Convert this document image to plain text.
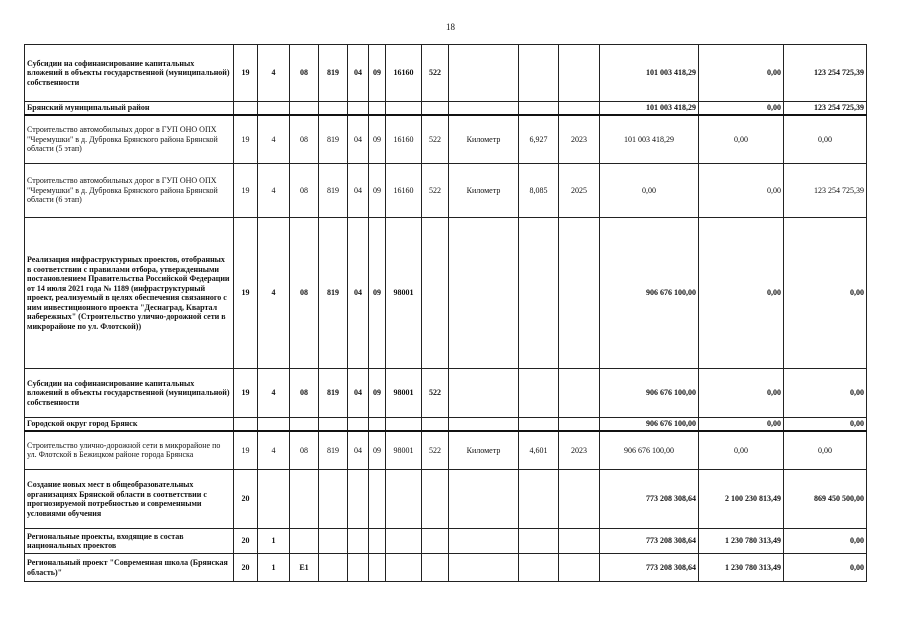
18
Субсидии на софинансирование капитальных вложений в объекты государственной (муниципальной) собственности	19	4	08	819	04	09	16160	522				101 003 418,29	0,00	123 254 725,39
Брянский муниципальный район												101 003 418,29	0,00	123 254 725,39
Строительство автомобильных дорог в ГУП ОНО ОПХ "Черемушки" в д. Дубровка Брянского района Брянской области (5 этап)	19	4	08	819	04	09	16160	522	Километр	6,927	2023	101 003 418,29	0,00	0,00
Строительство автомобильных дорог в ГУП ОНО ОПХ "Черемушки" в д. Дубровка Брянского района Брянской области (6 этап)	19	4	08	819	04	09	16160	522	Километр	8,085	2025	0,00	0,00	123 254 725,39
Реализация инфраструктурных проектов, отобранных в соответствии с правилами отбора, утвержденными постановлением Правительства Российской Федерации от 14 июля 2021 года № 1189 (инфраструктурный проект, реализуемый в целях обеспечения связанного с ним инвестиционного проекта "Деснаград, Квартал набережных" (Строительство улично-дорожной сети в микрорайоне по ул. Флотской))	19	4	08	819	04	09	98001					906 676 100,00	0,00	0,00
Субсидии на софинансирование капитальных вложений в объекты государственной (муниципальной) собственности	19	4	08	819	04	09	98001	522				906 676 100,00	0,00	0,00
Городской округ город Брянск												906 676 100,00	0,00	0,00
Строительство улично-дорожной сети в микрорайоне по ул. Флотской в Бежицком районе города Брянска	19	4	08	819	04	09	98001	522	Километр	4,601	2023	906 676 100,00	0,00	0,00
Создание новых мест в общеобразовательных организациях Брянской области в соответствии с прогнозируемой потребностью и современными условиями обучения	20											773 208 308,64	2 100 230 813,49	869 450 500,00
Региональные проекты, входящие в состав национальных проектов	20	1										773 208 308,64	1 230 780 313,49	0,00
Региональный проект "Современная школа (Брянская область)"	20	1	E1									773 208 308,64	1 230 780 313,49	0,00
